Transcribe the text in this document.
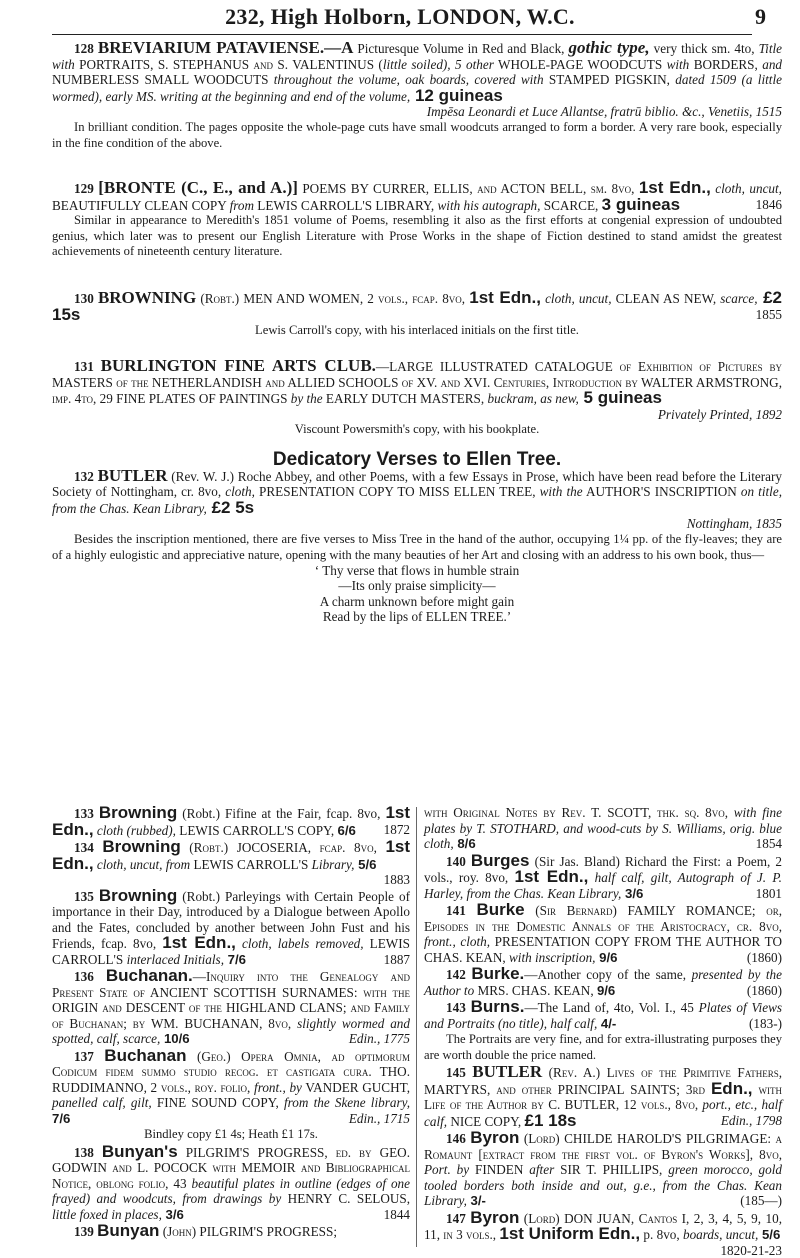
232, High Holborn, LONDON, W.C.	9

128 BREVIARIUM PATAVIENSE.—A Picturesque Volume in Red and Black, gothic type, very thick sm. 4to, Title with PORTRAITS, S. STEPHANUS and S. VALENTINUS (little soiled), 5 other WHOLE-PAGE WOODCUTS with BORDERS, and NUMBERLESS SMALL WOODCUTS throughout the volume, oak boards, covered with STAMPED PIGSKIN, dated 1509 (a little wormed), early MS. writing at the beginning and end of the volume, 12 guineas

Impēsa Leonardi et Luce Allantse, fratrū biblio. &c., Venetiis, 1515

In brilliant condition. The pages opposite the whole-page cuts have small woodcuts arranged to form a border. A very rare book, especially in the fine condition of the above.

129 [BRONTE (C., E., and A.)] POEMS BY CURRER, ELLIS, and ACTON BELL, sm. 8vo, 1st Edn., cloth, uncut, BEAUTIFULLY CLEAN COPY from LEWIS CARROLL'S LIBRARY, with his autograph, SCARCE, 3 guineas	1846

Similar in appearance to Meredith's 1851 volume of Poems, resembling it also as the first efforts at congenial expression of undoubted genius, which later was to present our English Literature with Prose Works in the shape of Fiction destined to stand amidst the greatest achievements of nineteenth century literature.

130 BROWNING (Robt.) MEN AND WOMEN, 2 vols., fcap. 8vo, 1st Edn., cloth, uncut, CLEAN AS NEW, scarce, £2 15s	1855

Lewis Carroll's copy, with his interlaced initials on the first title.

131 BURLINGTON FINE ARTS CLUB.—LARGE ILLUSTRATED CATALOGUE of Exhibition of Pictures by MASTERS of the NETHERLANDISH and ALLIED SCHOOLS of XV. and XVI. Centuries, Introduction by WALTER ARMSTRONG, imp. 4to, 29 FINE PLATES OF PAINTINGS by the EARLY DUTCH MASTERS, buckram, as new, 5 guineas
Privately Printed, 1892

Viscount Powersmith's copy, with his bookplate.

Dedicatory Verses to Ellen Tree.

132 BUTLER (Rev. W. J.) Roche Abbey, and other Poems, with a few Essays in Prose, which have been read before the Literary Society of Nottingham, cr. 8vo, cloth, PRESENTATION COPY TO MISS ELLEN TREE, with the AUTHOR'S INSCRIPTION on title, from the Chas. Kean Library, £2 5s

Nottingham, 1835

Besides the inscription mentioned, there are five verses to Miss Tree in the hand of the author, occupying 1¼ pp. of the fly-leaves; they are of a highly eulogistic and appreciative nature, opening with the many beauties of her Art and closing with an address to his own book, thus—

‘ Thy verse that flows in humble strain
—Its only praise simplicity—
A charm unknown before might gain
Read by the lips of ELLEN TREE.’

133 Browning (Robt.) Fifine at the Fair, fcap. 8vo, 1st Edn., cloth (rubbed), LEWIS CARROLL'S COPY, 6/6	1872

134 Browning (Robt.) JOCOSERIA, fcap. 8vo, 1st Edn., cloth, uncut, from LEWIS CARROLL'S Library, 5/6
1883

135 Browning (Robt.) Parleyings with Certain People of importance in their Day, introduced by a Dialogue between Apollo and the Fates, concluded by another between John Fust and his Friends, fcap. 8vo, 1st Edn., cloth, labels removed, LEWIS CARROLL'S interlaced Initials, 7/6	1887

136 Buchanan.—Inquiry into the Genealogy and Present State of ANCIENT SCOTTISH SURNAMES: with the ORIGIN and DESCENT of the HIGHLAND CLANS; and Family of Buchanan; by WM. BUCHANAN, 8vo, slightly wormed and spotted, calf, scarce, 10/6	Edin., 1775

137 Buchanan (Geo.) Opera Omnia, ad optimorum Codicum fidem summo studio recog. et castigata cura. THO. RUDDIMANNO, 2 vols., roy. folio, front., by VANDER GUCHT, panelled calf, gilt, FINE SOUND COPY, from the Skene library, 7/6	Edin., 1715

Bindley copy £1 4s; Heath £1 17s.

138 Bunyan's PILGRIM'S PROGRESS, ed. by GEO. GODWIN and L. POCOCK with MEMOIR and Bibliographical Notice, oblong folio, 43 beautiful plates in outline (edges of one frayed) and woodcuts, from drawings by HENRY C. SELOUS, little foxed in places, 3/6	1844

139 Bunyan (John) PILGRIM'S PROGRESS;

with Original Notes by Rev. T. SCOTT, thk. sq. 8vo, with fine plates by T. STOTHARD, and wood-cuts by S. Williams, orig. blue cloth, 8/6	1854

140 Burges (Sir Jas. Bland) Richard the First: a Poem, 2 vols., roy. 8vo, 1st Edn., half calf, gilt, Autograph of J. P. Harley, from the Chas. Kean Library, 3/6	1801

141 Burke (Sir Bernard) FAMILY ROMANCE; or, Episodes in the Domestic Annals of the Aristocracy, cr. 8vo, front., cloth, PRESENTATION COPY FROM THE AUTHOR TO CHAS. KEAN, with inscription, 9/6	(1860)

142 Burke.—Another copy of the same, presented by the Author to MRS. CHAS. KEAN, 9/6	(1860)

143 Burns.—The Land of, 4to, Vol. I., 45 Plates of Views and Portraits (no title), half calf, 4/-	(183-)

The Portraits are very fine, and for extra-illustrating purposes they are worth double the price named.

145 BUTLER (Rev. A.) Lives of the Primitive Fathers, MARTYRS, and other PRINCIPAL SAINTS; 3rd Edn., with Life of the Author by C. BUTLER, 12 vols., 8vo, port., etc., half calf, NICE COPY, £1 18s	Edin., 1798

146 Byron (Lord) CHILDE HAROLD'S PILGRIMAGE: a Romaunt [extract from the first vol. of Byron's Works], 8vo, Port. by FINDEN after SIR T. PHILLIPS, green morocco, gold tooled borders both inside and out, g.e., from the Chas. Kean Library, 3/-	(185—)

147 Byron (Lord) DON JUAN, Cantos I, 2, 3, 4, 5, 9, 10, 11, in 3 vols., 1st Uniform Edn., p. 8vo, boards, uncut, 5/6
1820-21-23
